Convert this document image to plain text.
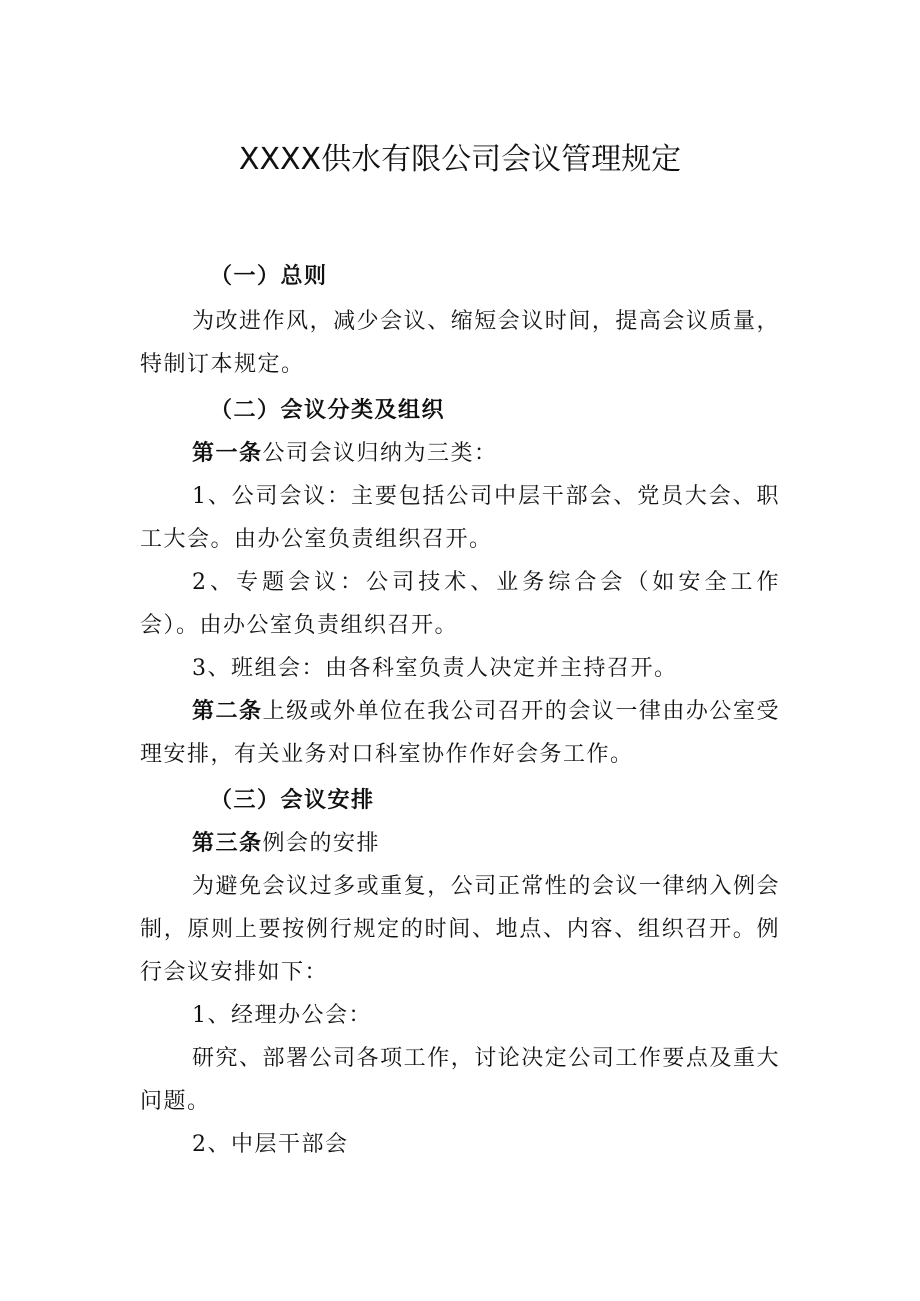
XXXX供水有限公司会议管理规定

（一）总则

为改进作风，减少会议、缩短会议时间，提高会议质量，特制订本规定。

（二）会议分类及组织

第一条公司会议归纳为三类：

1、公司会议：主要包括公司中层干部会、党员大会、职工大会。由办公室负责组织召开。

2、专题会议：公司技术、业务综合会（如安全工作会）。由办公室负责组织召开。

3、班组会：由各科室负责人决定并主持召开。

第二条上级或外单位在我公司召开的会议一律由办公室受理安排，有关业务对口科室协作作好会务工作。

（三）会议安排

第三条例会的安排

为避免会议过多或重复，公司正常性的会议一律纳入例会制，原则上要按例行规定的时间、地点、内容、组织召开。例行会议安排如下：

1、经理办公会：

研究、部署公司各项工作，讨论决定公司工作要点及重大问题。

2、中层干部会
